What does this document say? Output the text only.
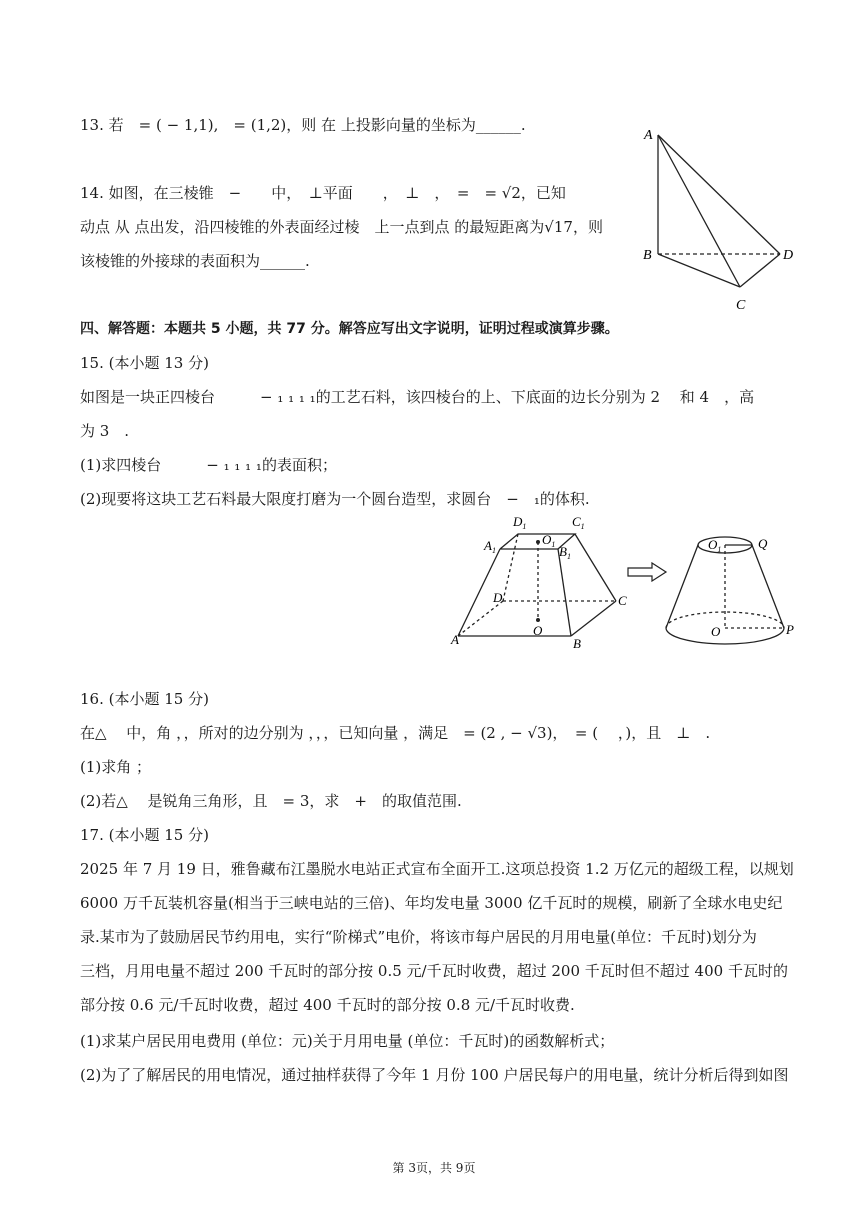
13. 若　= ( − 1,1),　= (1,2)，则 在 上投影向量的坐标为______.
A
B	D
C
14. 如图，在三棱锥　−　　中，　⊥平面　　，　⊥　，　=　= √2，已知
动点 从 点出发，沿四棱锥的外表面经过棱　上一点到点 的最短距离为√17，则
该棱锥的外接球的表面积为______.
四、解答题：本题共 5 小题，共 77 分。解答应写出文字说明，证明过程或演算步骤。
15. (本小题 13 分)
如图是一块正四棱台　　　− ₁ ₁ ₁ ₁的工艺石料，该四棱台的上、下底面的边长分别为 2　 和 4　，高
为 3　.
(1)求四棱台　　　− ₁ ₁ ₁ ₁的表面积；
(2)现要将这块工艺石料最大限度打磨为一个圆台造型，求圆台　−　₁的体积.
$D_1$	$C_1$
$A_1$
$O_1$ $B_1$
D	C
O
A	B
$O_1$	Q
O	P
16. (本小题 15 分)
在△　 中，角 ，，所对的边分别为 ，，，已知向量 ，满足　= (2 , − √3)，　= (　 ，)，且　⊥　.
(1)求角 ；
(2)若△　 是锐角三角形，且　= 3，求　+　的取值范围.
17. (本小题 15 分)
2025 年 7 月 19 日，雅鲁藏布江墨脱水电站正式宣布全面开工.这项总投资 1.2 万亿元的超级工程，以规划
6000 万千瓦装机容量(相当于三峡电站的三倍)、年均发电量 3000 亿千瓦时的规模，刷新了全球水电史纪
录.某市为了鼓励居民节约用电，实行“阶梯式”电价，将该市每户居民的月用电量(单位：千瓦时)划分为
三档，月用电量不超过 200 千瓦时的部分按 0.5 元/千瓦时收费，超过 200 千瓦时但不超过 400 千瓦时的
部分按 0.6 元/千瓦时收费，超过 400 千瓦时的部分按 0.8 元/千瓦时收费.
(1)求某户居民用电费用 (单位：元)关于月用电量 (单位：千瓦时)的函数解析式；
(2)为了了解居民的用电情况，通过抽样获得了今年 1 月份 100 户居民每户的用电量，统计分析后得到如图
第 3页，共 9页
